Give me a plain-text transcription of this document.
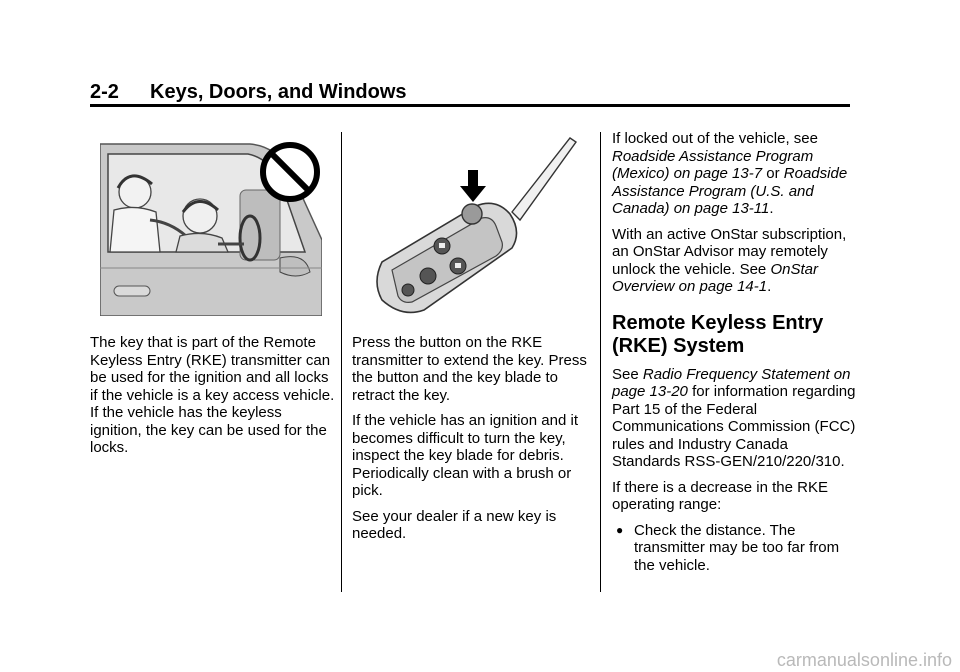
2-2 Keys, Doors, and Windows

The key that is part of the Remote Keyless Entry (RKE) transmitter can be used for the ignition and all locks if the vehicle is a key access vehicle. If the vehicle has the keyless ignition, the key can be used for the locks.

Press the button on the RKE transmitter to extend the key. Press the button and the key blade to retract the key.

If the vehicle has an ignition and it becomes difficult to turn the key, inspect the key blade for debris. Periodically clean with a brush or pick.

See your dealer if a new key is needed.

If locked out of the vehicle, see Roadside Assistance Program (Mexico) on page 13-7 or Roadside Assistance Program (U.S. and Canada) on page 13-11.

With an active OnStar subscription, an OnStar Advisor may remotely unlock the vehicle. See OnStar Overview on page 14-1.

Remote Keyless Entry (RKE) System

See Radio Frequency Statement on page 13-20 for information regarding Part 15 of the Federal Communications Commission (FCC) rules and Industry Canada Standards RSS-GEN/210/220/310.

If there is a decrease in the RKE operating range:

● Check the distance. The transmitter may be too far from the vehicle.
carmanualsonline.info
